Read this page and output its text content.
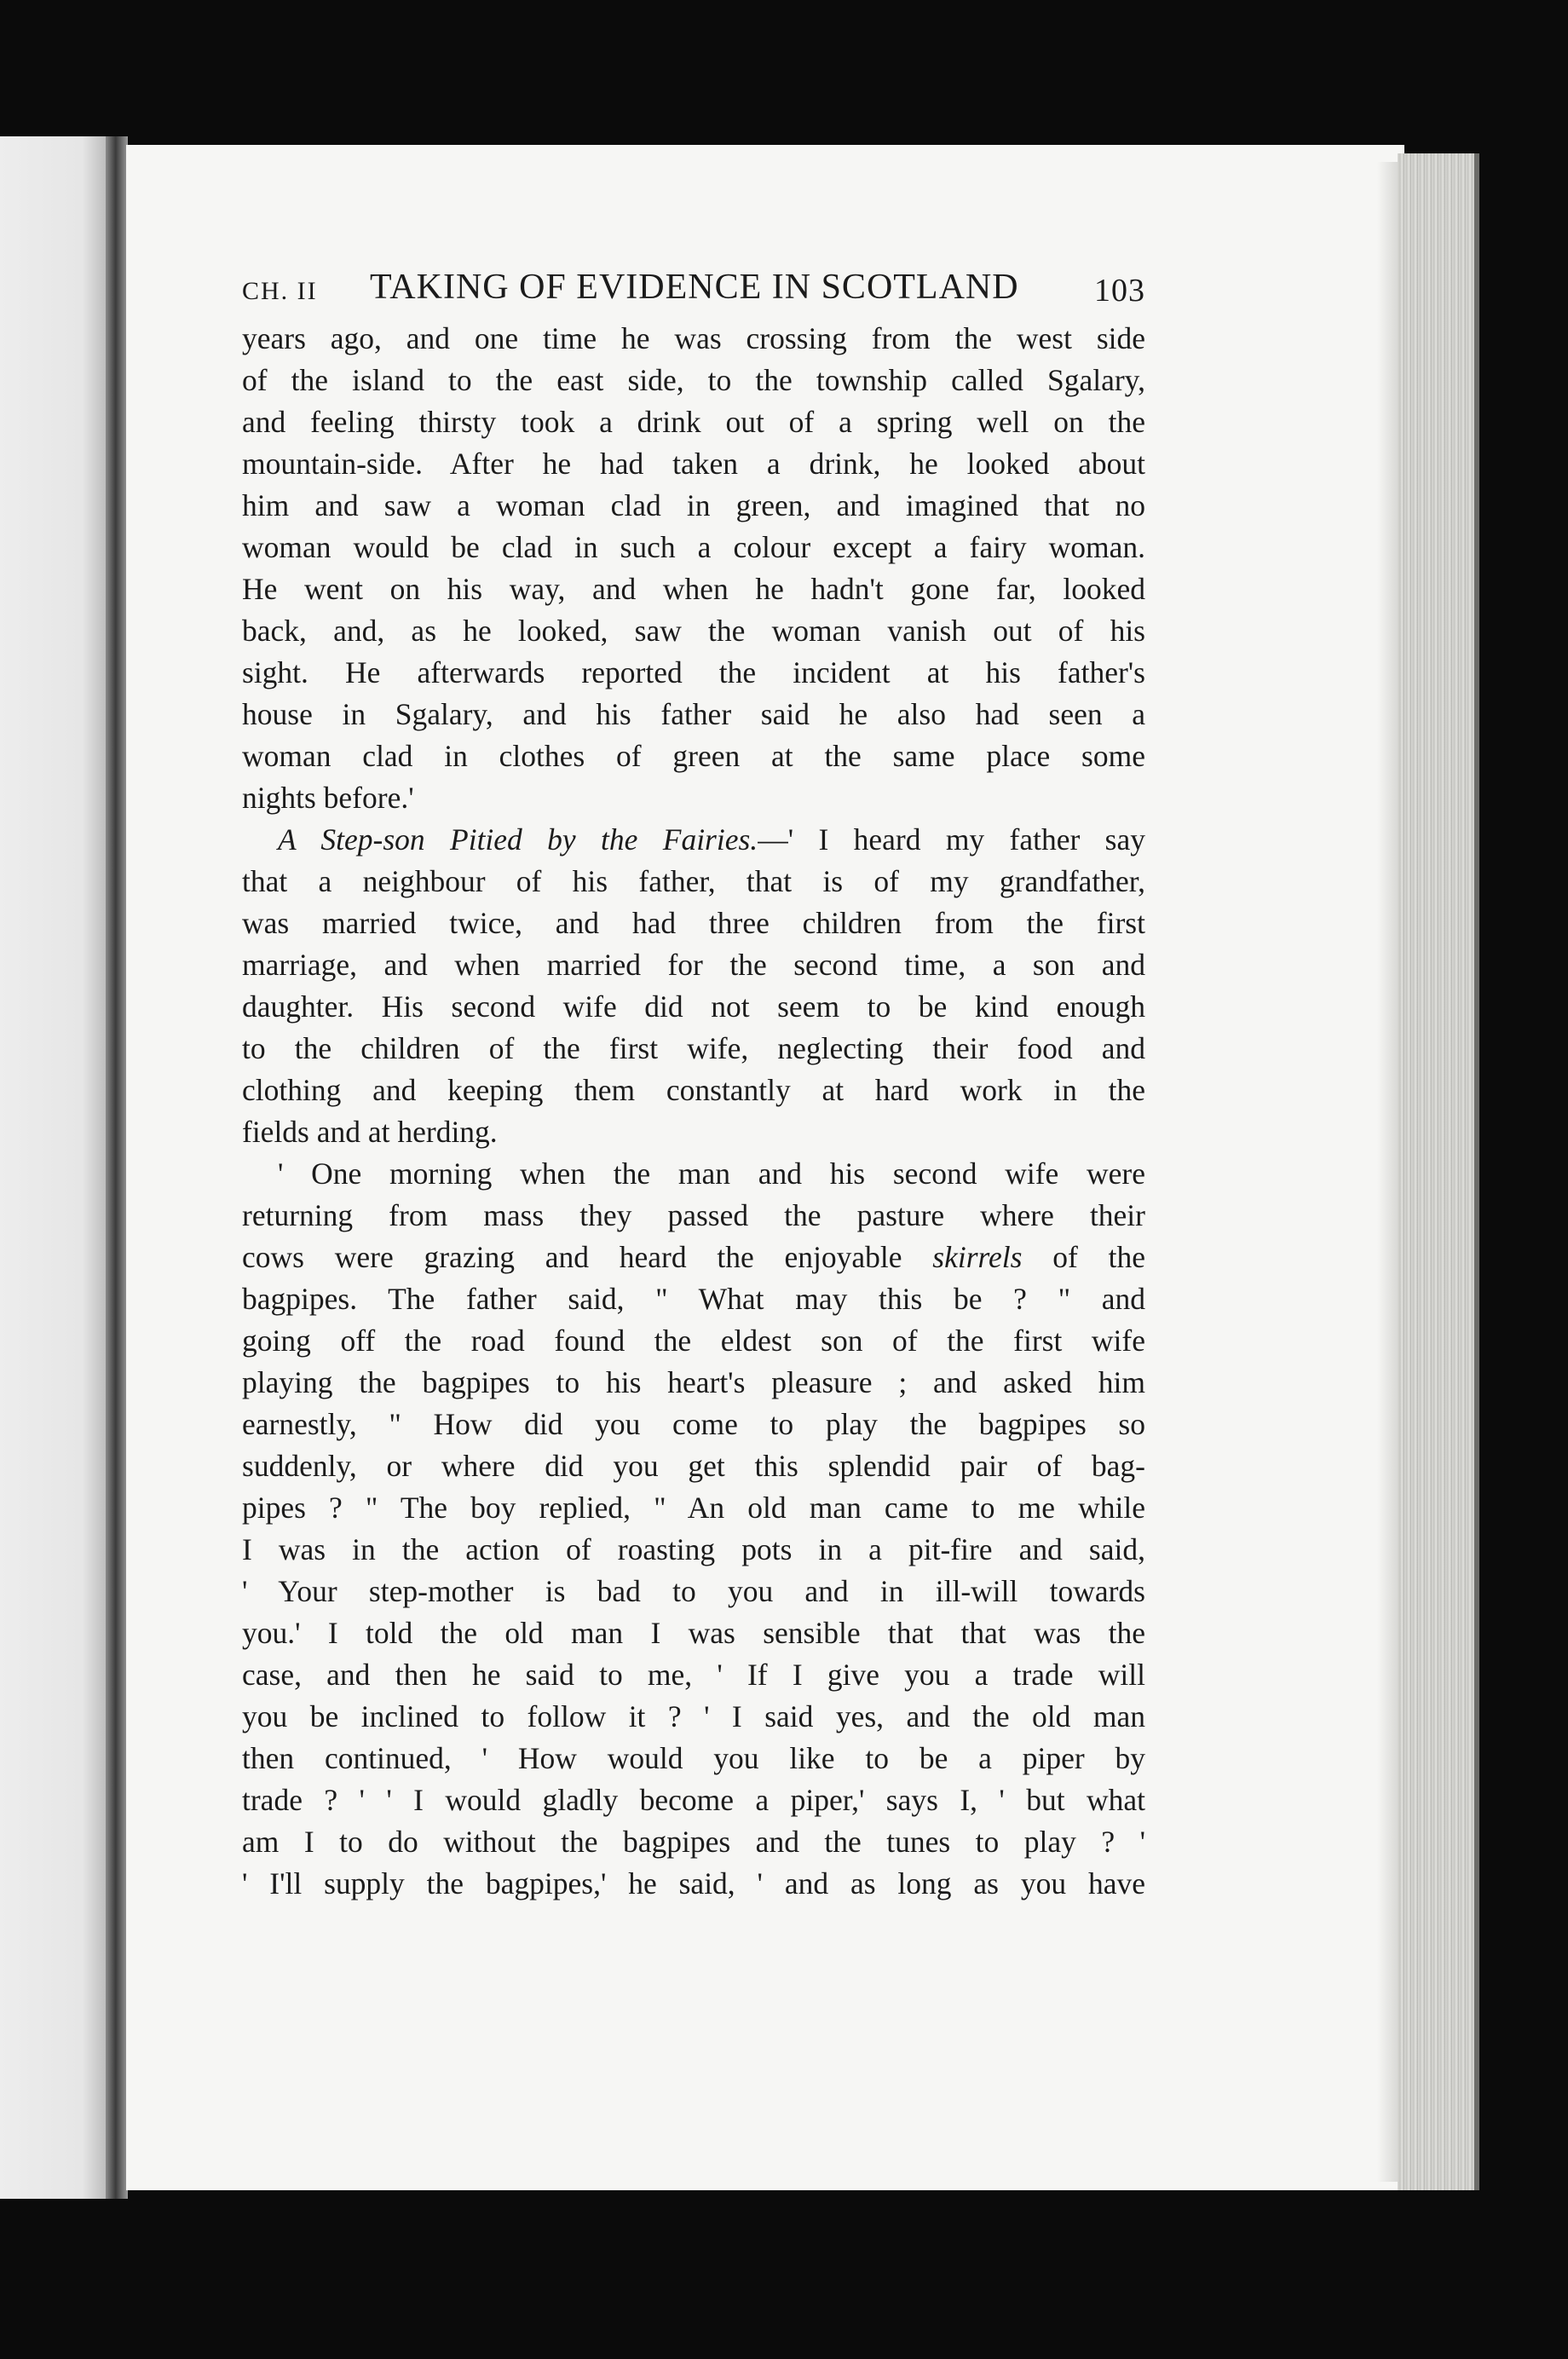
CH. II TAKING OF EVIDENCE IN SCOTLAND 103
years ago, and one time he was crossing from the west side
of the island to the east side, to the township called Sgalary,
and feeling thirsty took a drink out of a spring well on the
mountain-side. After he had taken a drink, he looked about
him and saw a woman clad in green, and imagined that no
woman would be clad in such a colour except a fairy woman.
He went on his way, and when he hadn't gone far, looked
back, and, as he looked, saw the woman vanish out of his
sight. He afterwards reported the incident at his father's
house in Sgalary, and his father said he also had seen a
woman clad in clothes of green at the same place some
nights before.'
A Step-son Pitied by the Fairies.—' I heard my father say
that a neighbour of his father, that is of my grandfather,
was married twice, and had three children from the first
marriage, and when married for the second time, a son and
daughter. His second wife did not seem to be kind enough
to the children of the first wife, neglecting their food and
clothing and keeping them constantly at hard work in the
fields and at herding.
' One morning when the man and his second wife were
returning from mass they passed the pasture where their
cows were grazing and heard the enjoyable skirrels of the
bagpipes. The father said, " What may this be ? " and
going off the road found the eldest son of the first wife
playing the bagpipes to his heart's pleasure ; and asked him
earnestly, " How did you come to play the bagpipes so
suddenly, or where did you get this splendid pair of bag-
pipes ? " The boy replied, " An old man came to me while
I was in the action of roasting pots in a pit-fire and said,
' Your step-mother is bad to you and in ill-will towards
you.' I told the old man I was sensible that that was the
case, and then he said to me, ' If I give you a trade will
you be inclined to follow it ? ' I said yes, and the old man
then continued, ' How would you like to be a piper by
trade ? ' ' I would gladly become a piper,' says I, ' but what
am I to do without the bagpipes and the tunes to play ? '
' I'll supply the bagpipes,' he said, ' and as long as you have
